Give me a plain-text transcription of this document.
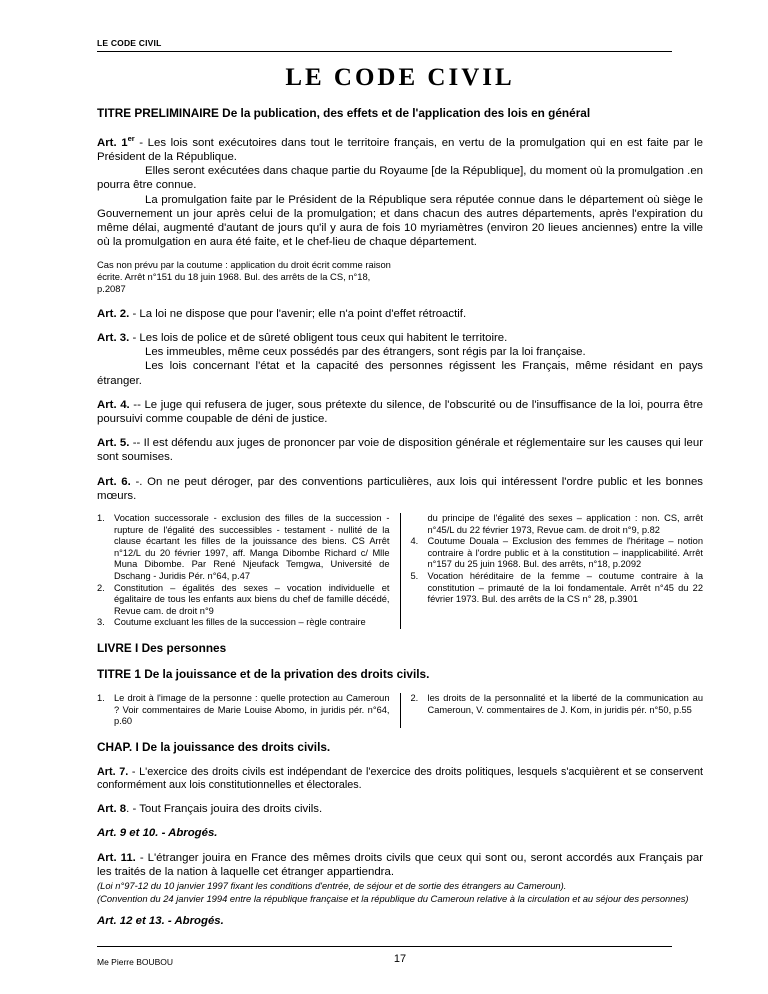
LE CODE CIVIL
LE CODE CIVIL
TITRE PRELIMINAIRE De la publication, des effets et de l'application des lois en général

Art. 1er - Les lois sont exécutoires dans tout le territoire français, en vertu de la promulgation qui en est faite par le Président de la République.

Elles seront exécutées dans chaque partie du Royaume [de la République], du moment où la promulgation .en pourra être connue.

La promulgation faite par le Président de la République sera réputée connue dans le département où siège le Gouvernement un jour après celui de la promulgation; et dans chacun des autres départements, après l'expiration du même délai, augmenté d'autant de jours qu'il y aura de fois 10 myriamètres (environ 20 lieues anciennes) entre la ville où la promulgation en aura été faite, et le chef-lieu de chaque département.

Cas non prévu par la coutume : application du droit écrit comme raison écrite. Arrêt n°151 du 18 juin 1968. Bul. des arrêts de la CS, n°18, p.2087

Art. 2. - La loi ne dispose que pour l'avenir; elle n'a point d'effet rétroactif.

Art. 3. - Les lois de police et de sûreté obligent tous ceux qui habitent le territoire.

Les immeubles, même ceux possédés par des étrangers, sont régis par la loi française.

Les lois concernant l'état et la capacité des personnes régissent les Français, même résidant en pays étranger.

Art. 4. -- Le juge qui refusera de juger, sous prétexte du silence, de l'obscurité ou de l'insuffisance de la loi, pourra être poursuivi comme coupable de déni de justice.

Art. 5. -- Il est défendu aux juges de prononcer par voie de disposition générale et réglementaire sur les causes qui leur sont soumises.

Art. 6. -. On ne peut déroger, par des conventions particulières, aux lois qui intéressent l'ordre public et les bonnes mœurs.

1. Vocation successorale - exclusion des filles de la succession - rupture de l'égalité des successibles - testament - nullité de la clause écartant les filles de la jouissance des biens. CS Arrêt n°12/L du 20 février 1997, aff. Manga Dibombe Richard c/ Mlle Muna Dibombe. Par René Njeufack Temgwa, Université de Dschang - Juridis Pér. n°64, p.47
2. Constitution – égalités des sexes – vocation individuelle et égalitaire de tous les enfants aux biens du chef de famille décédé, Revue cam. de droit n°9
3. Coutume excluant les filles de la succession – règle contraire
du principe de l'égalité des sexes – application : non. CS, arrêt n°45/L du 22 février 1973, Revue cam. de droit n°9, p.82
4. Coutume Douala – Exclusion des femmes de l'héritage – notion contraire à l'ordre public et à la constitution – inapplicabilité. Arrêt n°157 du 25 juin 1968. Bul. des arrêts, n°18, p.2092
5. Vocation héréditaire de la femme – coutume contraire à la constitution – primauté de la loi fondamentale. Arrêt n°45 du 22 février 1973. Bul. des arrêts de la CS n° 28, p.3901
LIVRE I Des personnes
TITRE 1 De la jouissance et de la privation des droits civils.
1. Le droit à l'image de la personne : quelle protection au Cameroun ? Voir commentaires de Marie Louise Abomo, in juridis pér. n°64, p.60
2. les droits de la personnalité et la liberté de la communication au Cameroun, V. commentaires de J. Kom, in juridis pér. n°50, p.55
CHAP. I De la jouissance des droits civils.

Art. 7. - L'exercice des droits civils est indépendant de l'exercice des droits politiques, lesquels s'acquièrent et se conservent conformément aux lois constitutionnelles et électorales.

Art. 8. - Tout Français jouira des droits civils.

Art. 9 et 10. - Abrogés.

Art. 11. - L'étranger jouira en France des mêmes droits civils que ceux qui sont ou, seront accordés aux Français par les traités de la nation à laquelle cet étranger appartiendra.

(Loi n°97-12 du 10 janvier 1997 fixant les conditions d'entrée, de séjour et de sortie des étrangers au Cameroun).

(Convention du 24 janvier 1994 entre la république française et la république du Cameroun relative à la circulation et au séjour des personnes)

Art. 12 et 13. - Abrogés.

Me Pierre BOUBOU	17
